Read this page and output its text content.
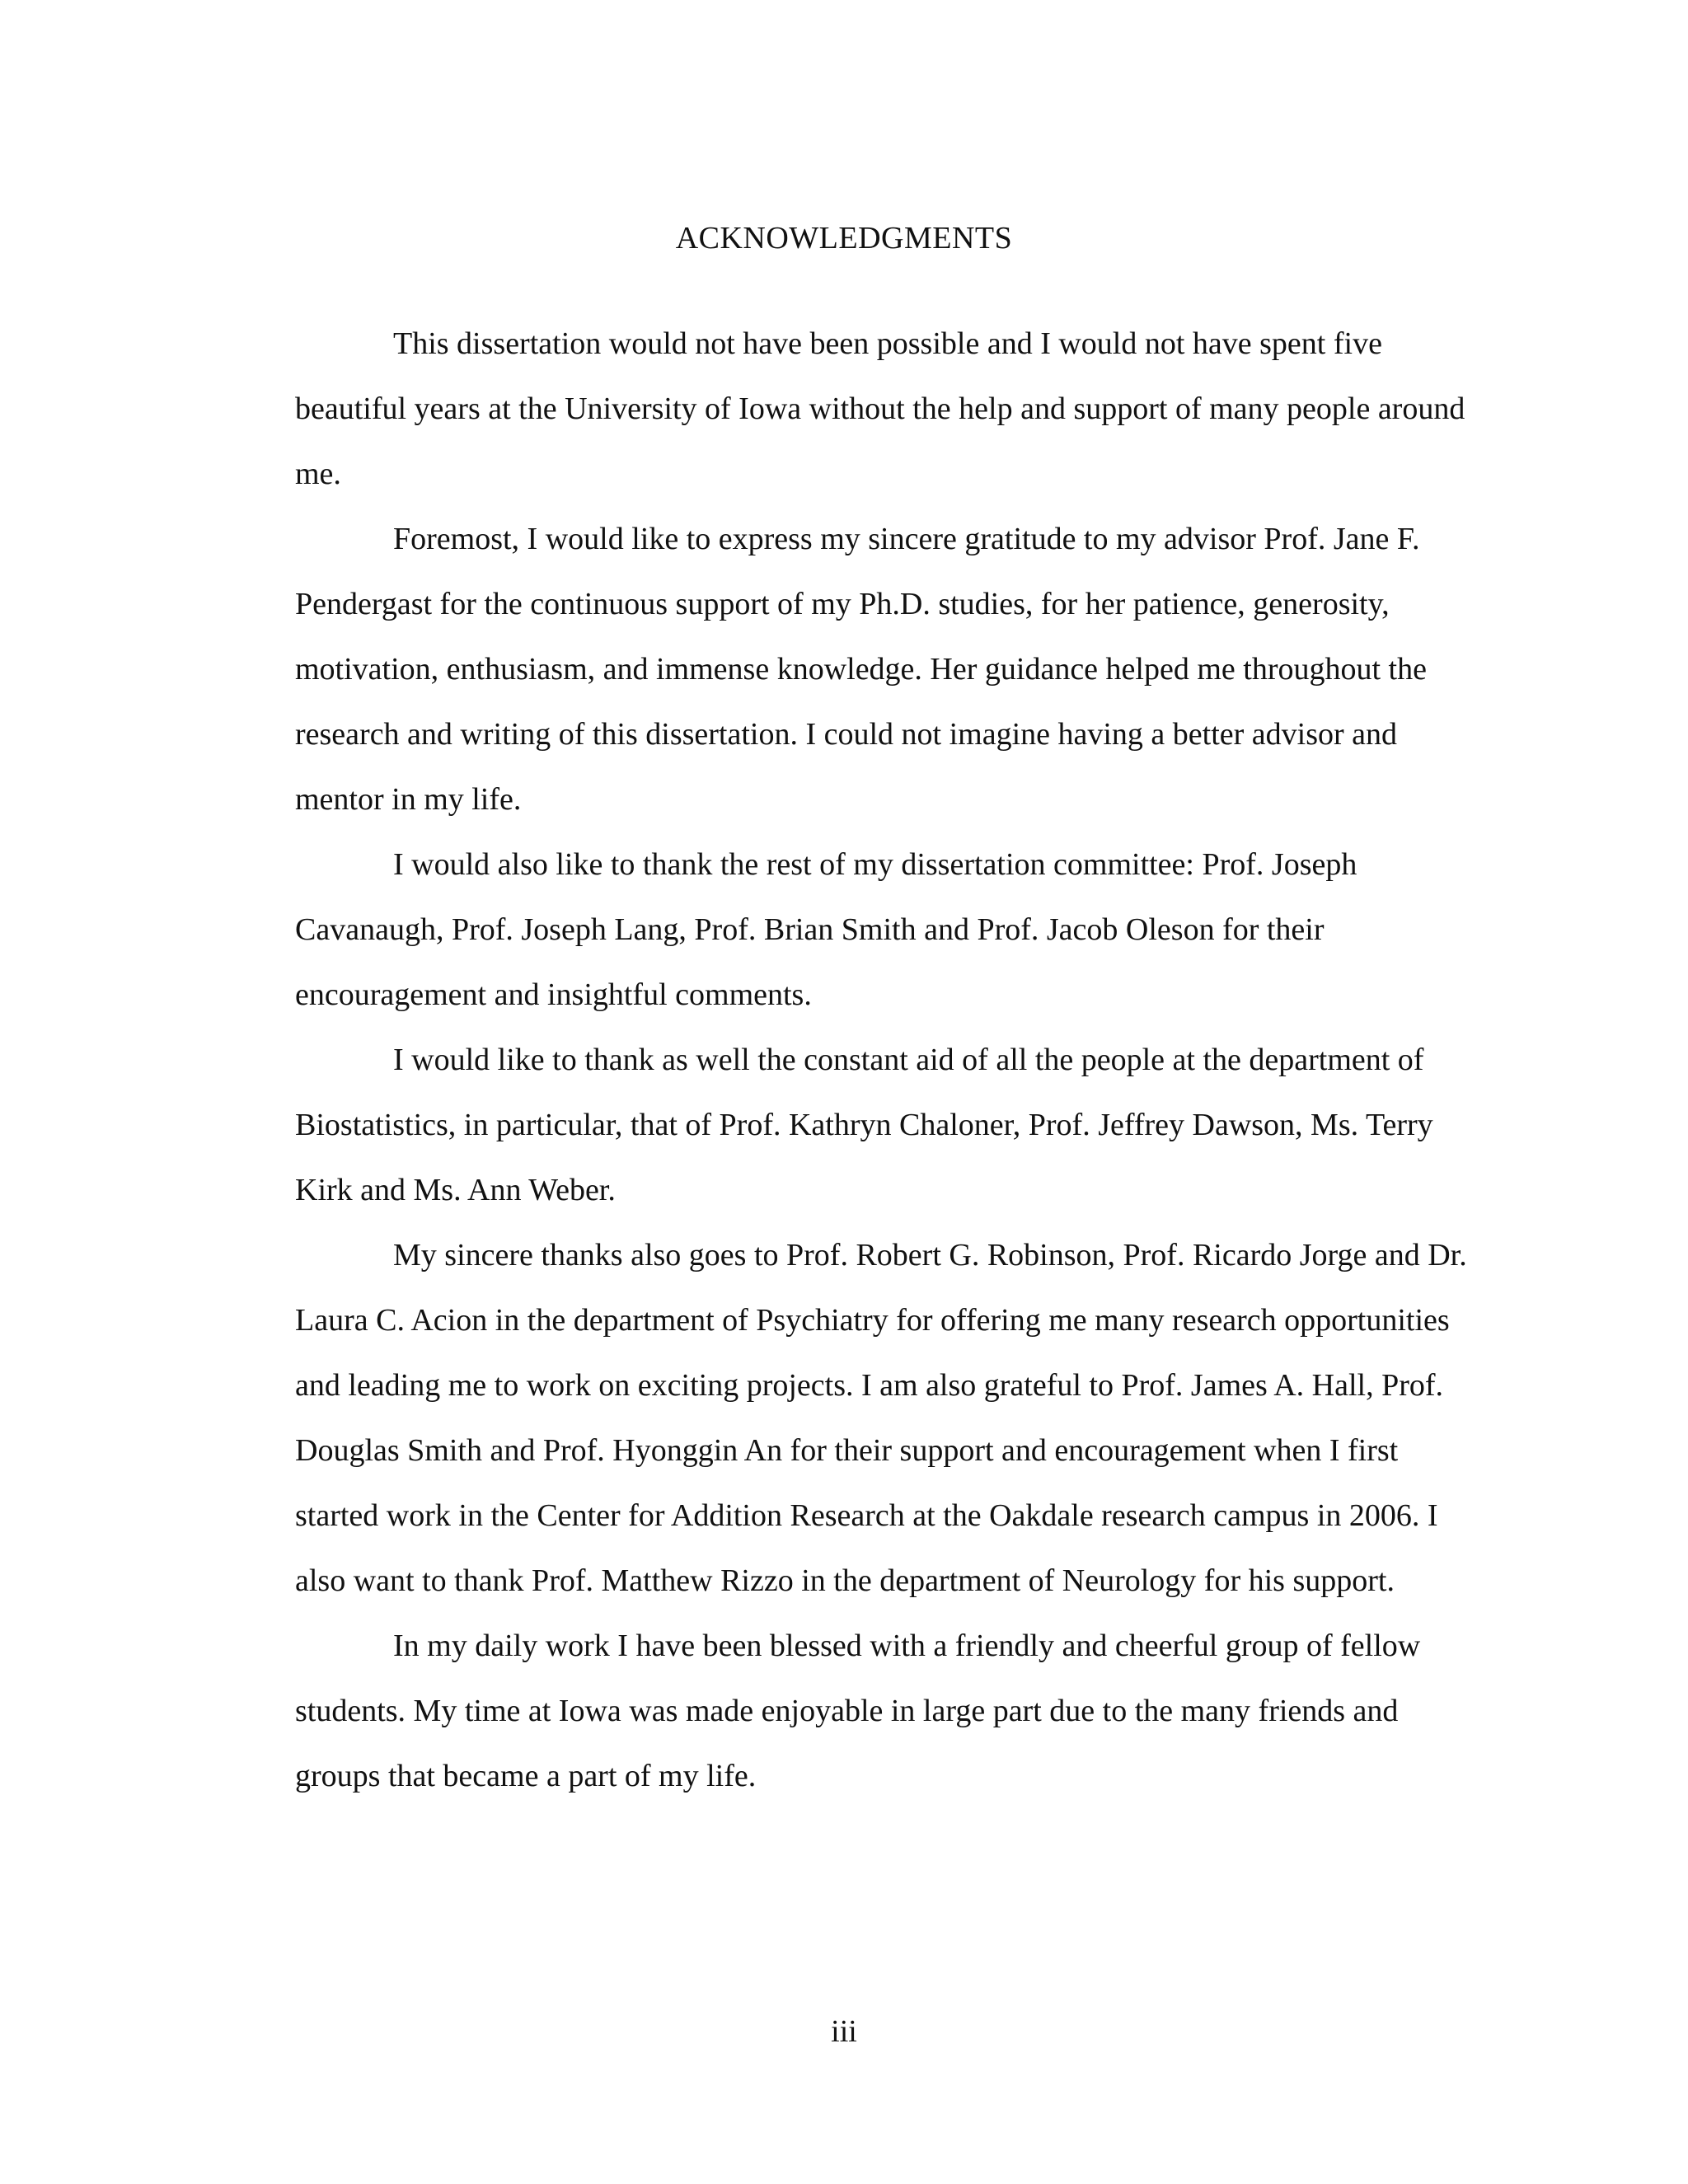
ACKNOWLEDGMENTS

This dissertation would not have been possible and I would not have spent five beautiful years at the University of Iowa without the help and support of many people around me.

Foremost, I would like to express my sincere gratitude to my advisor Prof. Jane F. Pendergast for the continuous support of my Ph.D. studies, for her patience, generosity, motivation, enthusiasm, and immense knowledge. Her guidance helped me throughout the research and writing of this dissertation. I could not imagine having a better advisor and mentor in my life.

I would also like to thank the rest of my dissertation committee: Prof. Joseph Cavanaugh, Prof. Joseph Lang, Prof. Brian Smith and Prof. Jacob Oleson for their encouragement and insightful comments.

I would like to thank as well the constant aid of all the people at the department of Biostatistics, in particular, that of Prof. Kathryn Chaloner, Prof. Jeffrey Dawson, Ms. Terry Kirk and Ms. Ann Weber.

My sincere thanks also goes to Prof. Robert G. Robinson, Prof. Ricardo Jorge and Dr. Laura C. Acion in the department of Psychiatry for offering me many research opportunities and leading me to work on exciting projects. I am also grateful to Prof. James A. Hall, Prof. Douglas Smith and Prof. Hyonggin An for their support and encouragement when I first started work in the Center for Addition Research at the Oakdale research campus in 2006. I also want to thank Prof. Matthew Rizzo in the department of Neurology for his support.

In my daily work I have been blessed with a friendly and cheerful group of fellow students. My time at Iowa was made enjoyable in large part due to the many friends and groups that became a part of my life.

iii
